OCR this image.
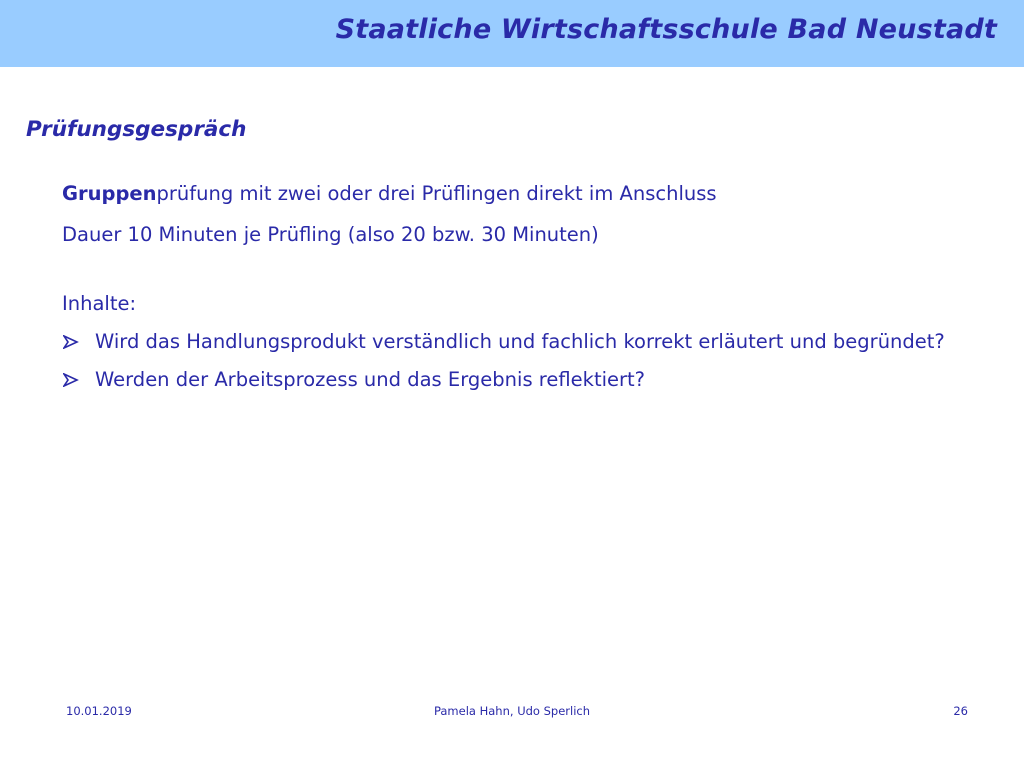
Staatliche Wirtschaftsschule Bad Neustadt
Prüfungsgespräch
Gruppenprüfung mit zwei oder drei Prüflingen direkt im Anschluss
Dauer 10 Minuten je Prüfling (also 20 bzw. 30 Minuten)
Inhalte:
Wird das Handlungsprodukt verständlich und fachlich korrekt erläutert und begründet?
Werden der Arbeitsprozess und das Ergebnis reflektiert?
10.01.2019	Pamela Hahn, Udo Sperlich	26
